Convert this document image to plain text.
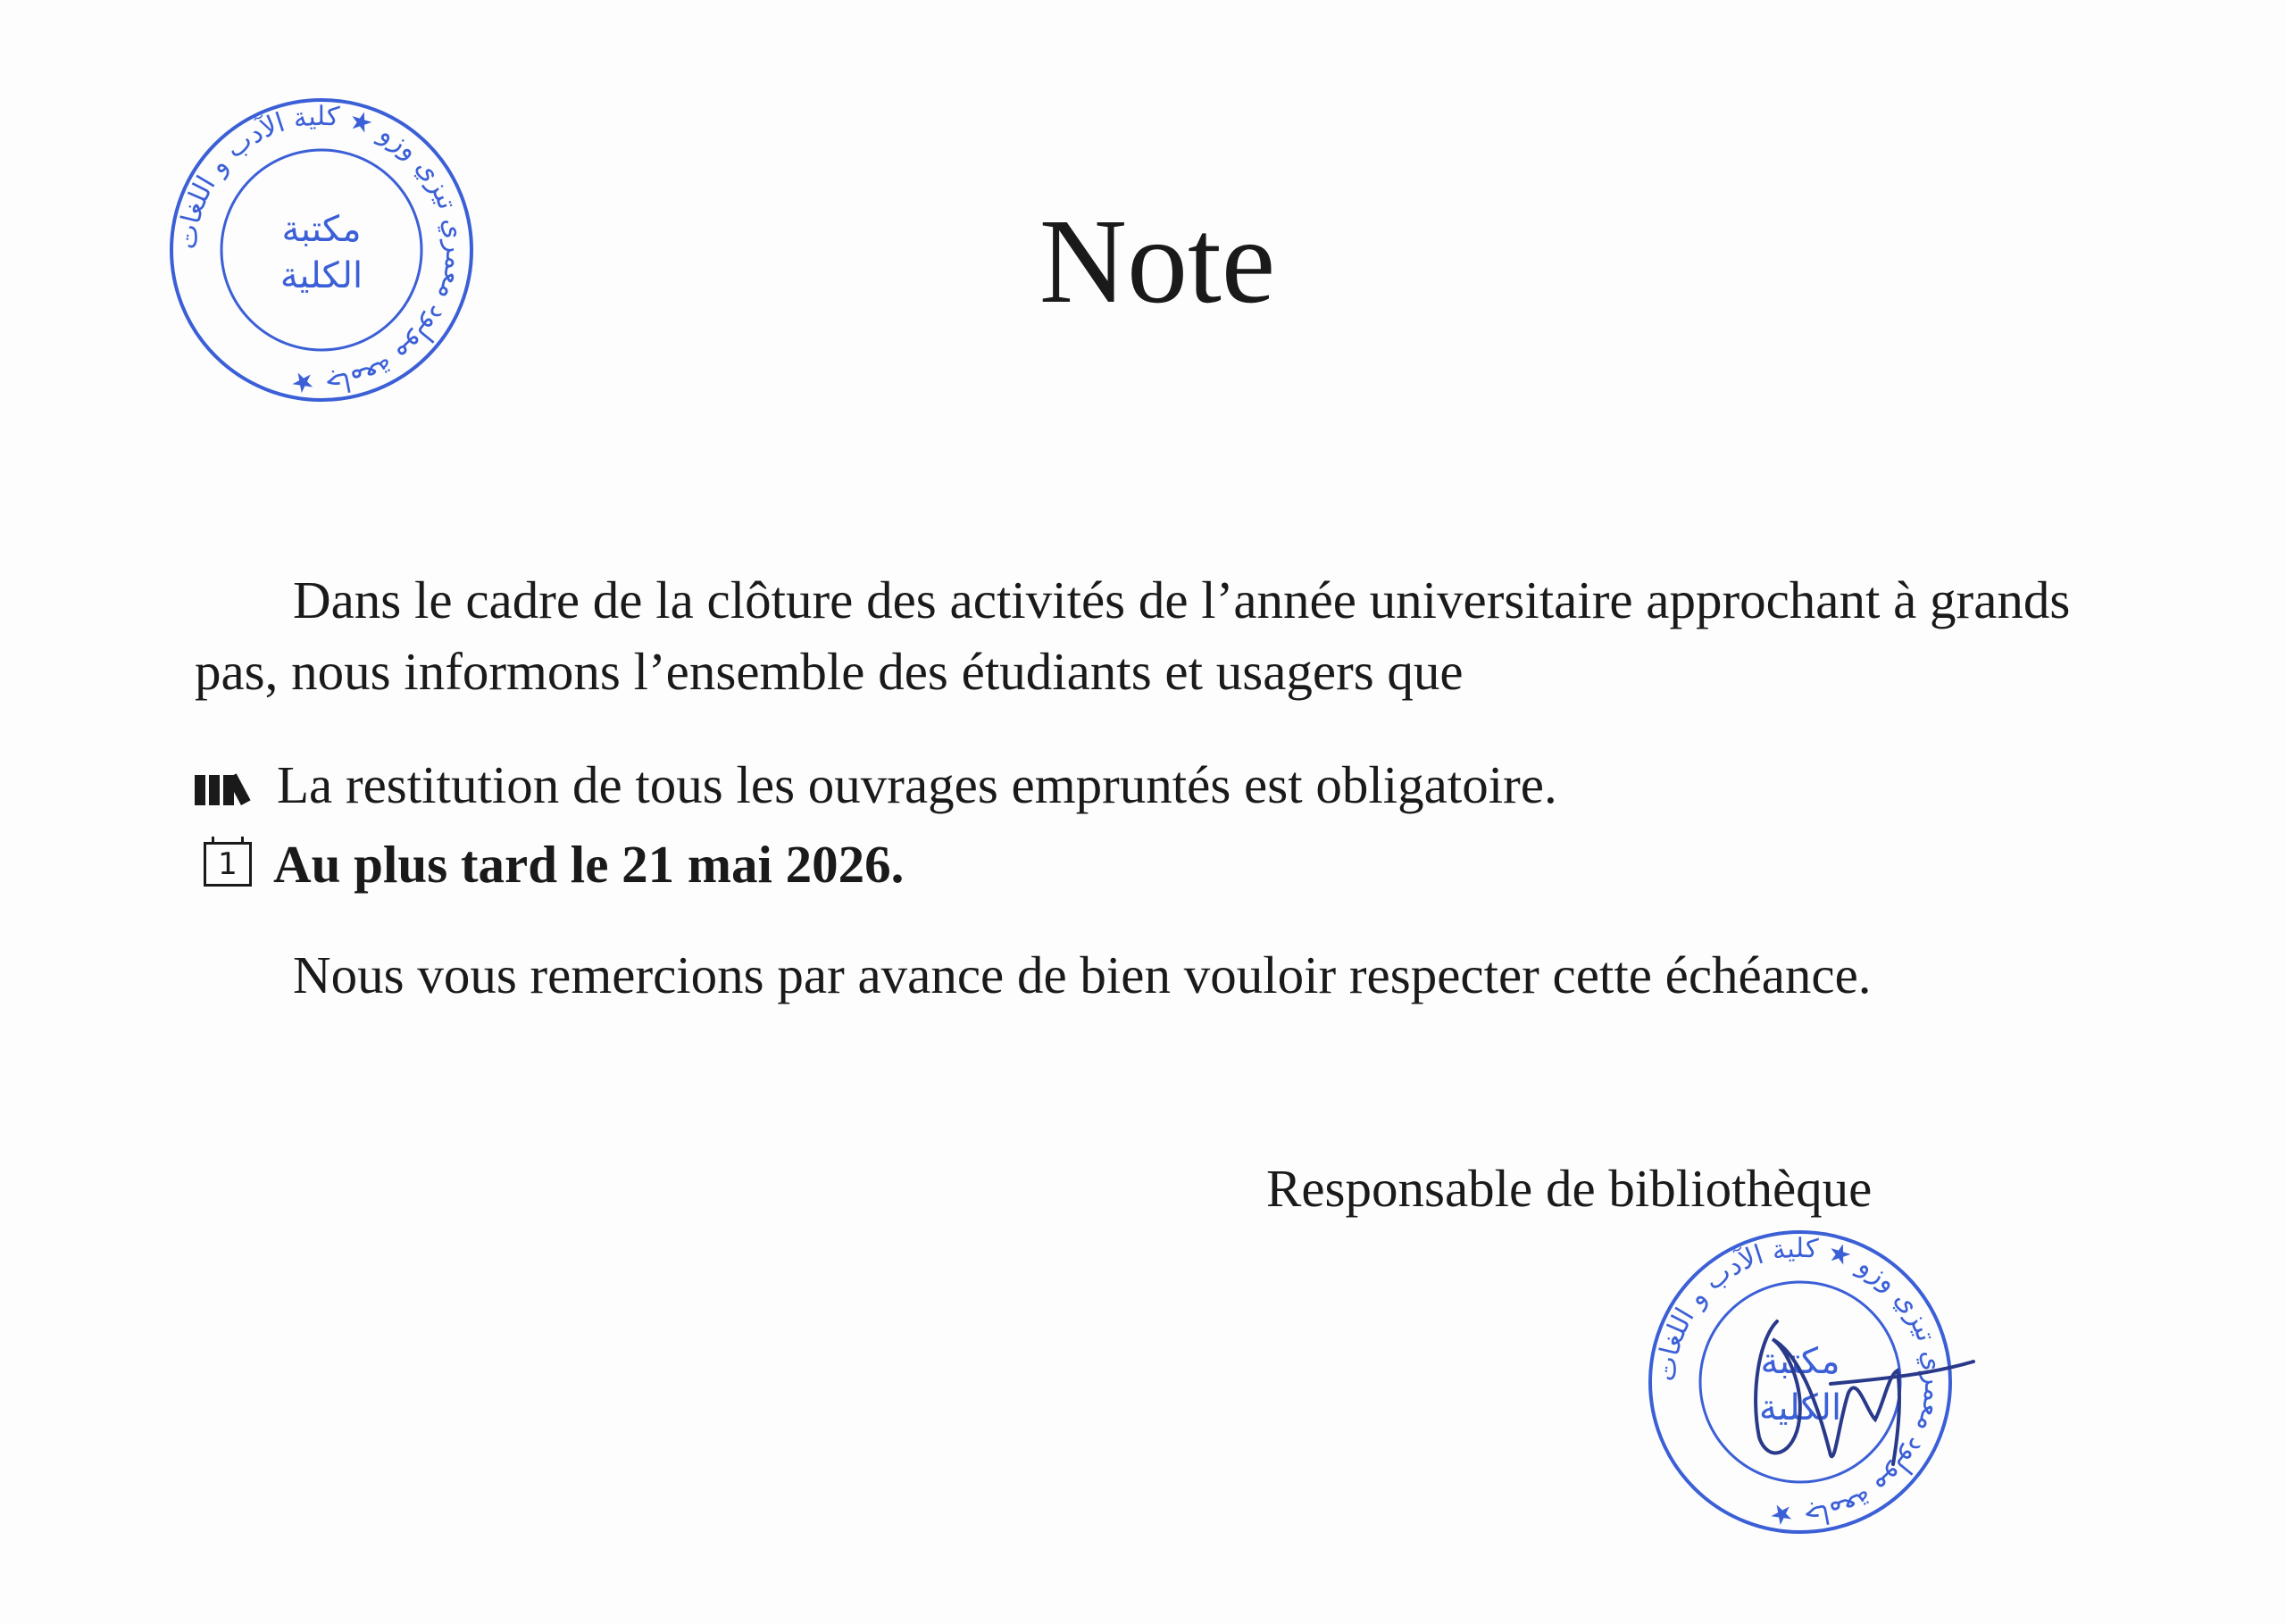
جامعة مولود معمري تيزي وزو ★ كلية الآدب و اللغات ★
مكتبة
الكلية	Note

Dans le cadre de la clôture des activités de l’année universitaire approchant à grands pas, nous informons l’ensemble des étudiants et usagers que

La restitution de tous les ouvrages empruntés est obligatoire.
1 Au plus tard le 21 mai 2026.

Nous vous remercions par avance de bien vouloir respecter cette échéance.

Responsable de bibliothèque
جامعة مولود معمري تيزي وزو ★ كلية الآدب و اللغات ★
مكتبة
الكلية
